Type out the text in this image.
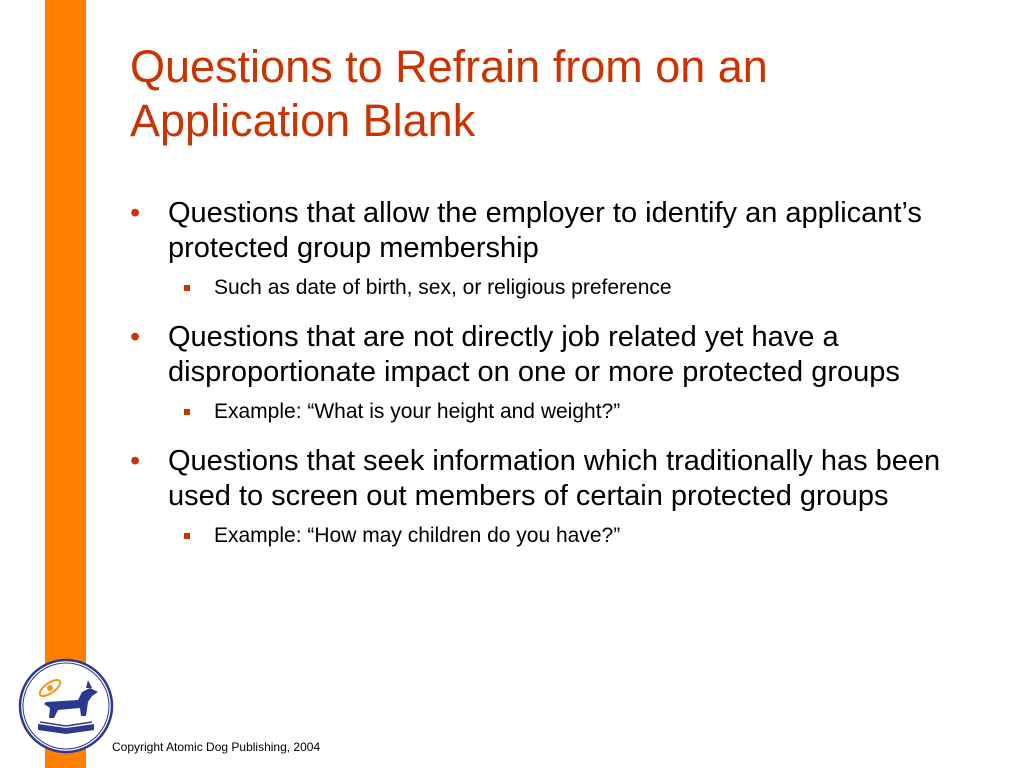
Questions to Refrain from on an Application Blank
• Questions that allow the employer to identify an applicant’s protected group membership
Such as date of birth, sex, or religious preference
• Questions that are not directly job related yet have a disproportionate impact on one or more protected groups
Example: “What is your height and weight?”
• Questions that seek information which traditionally has been used to screen out members of certain protected groups
Example: “How may children do you have?”
Copyright Atomic Dog Publishing, 2004
